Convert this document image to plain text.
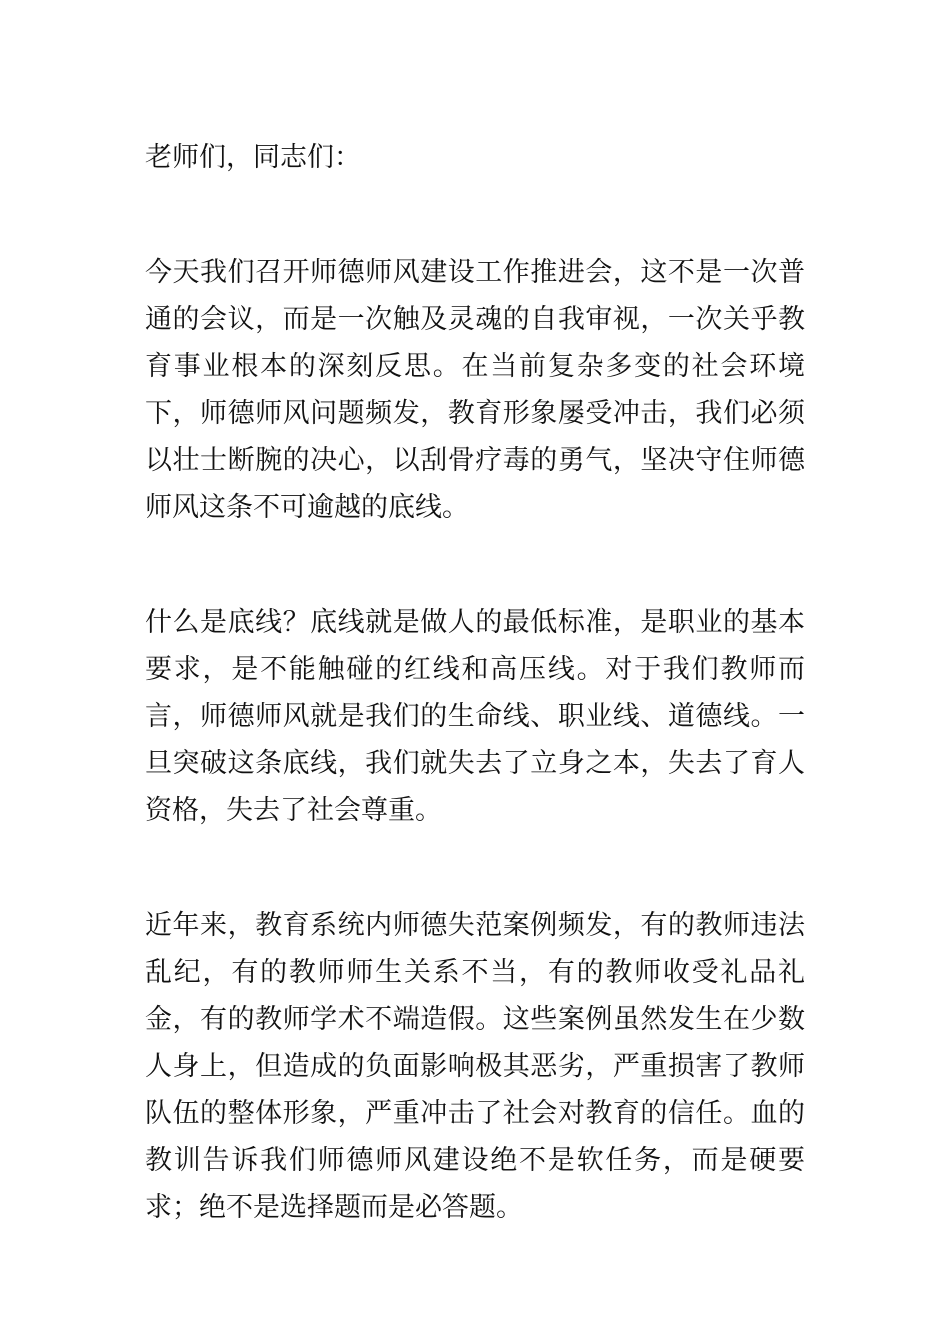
老师们，同志们：

今天我们召开师德师风建设工作推进会，这不是一次普通的会议，而是一次触及灵魂的自我审视，一次关乎教育事业根本的深刻反思。在当前复杂多变的社会环境下，师德师风问题频发，教育形象屡受冲击，我们必须以壮士断腕的决心，以刮骨疗毒的勇气，坚决守住师德师风这条不可逾越的底线。

什么是底线？底线就是做人的最低标准，是职业的基本要求，是不能触碰的红线和高压线。对于我们教师而言，师德师风就是我们的生命线、职业线、道德线。一旦突破这条底线，我们就失去了立身之本，失去了育人资格，失去了社会尊重。

近年来，教育系统内师德失范案例频发，有的教师违法乱纪，有的教师师生关系不当，有的教师收受礼品礼金，有的教师学术不端造假。这些案例虽然发生在少数人身上，但造成的负面影响极其恶劣，严重损害了教师队伍的整体形象，严重冲击了社会对教育的信任。血的教训告诉我们师德师风建设绝不是软任务，而是硬要求；绝不是选择题而是必答题。
